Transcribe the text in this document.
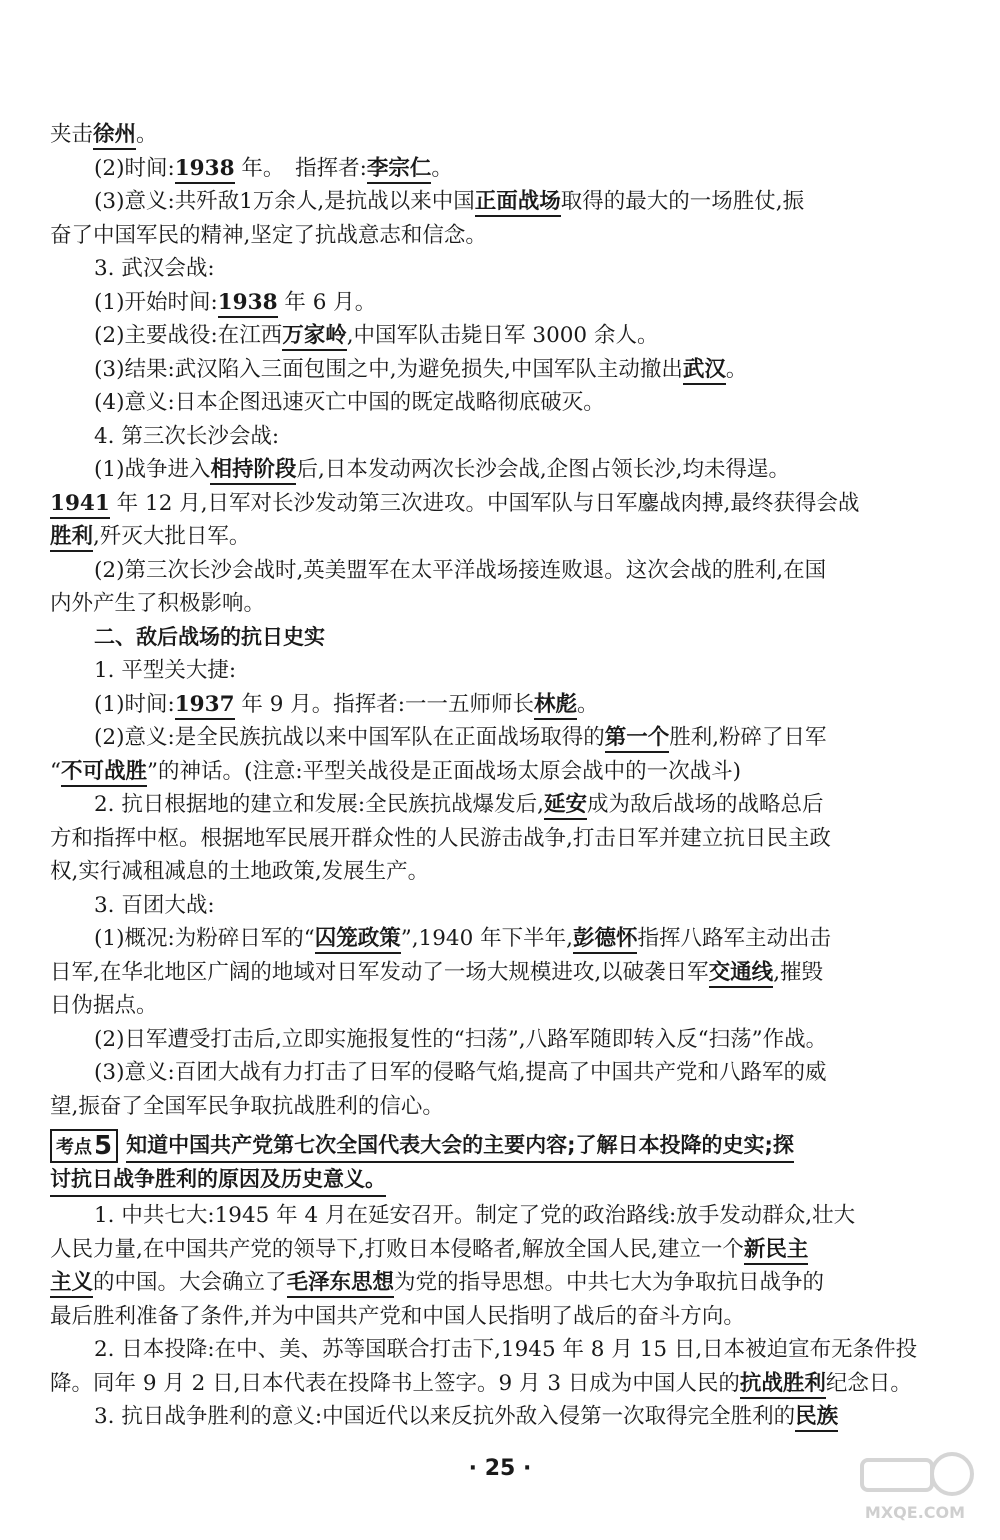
夹击徐州。
(2)时间:1938 年。　指挥者:李宗仁。
(3)意义:共歼敌1万余人,是抗战以来中国正面战场取得的最大的一场胜仗,振
奋了中国军民的精神,坚定了抗战意志和信念。
3. 武汉会战:
(1)开始时间:1938 年 6 月。
(2)主要战役:在江西万家岭,中国军队击毙日军 3000 余人。
(3)结果:武汉陷入三面包围之中,为避免损失,中国军队主动撤出武汉。
(4)意义:日本企图迅速灭亡中国的既定战略彻底破灭。
4. 第三次长沙会战:
(1)战争进入相持阶段后,日本发动两次长沙会战,企图占领长沙,均未得逞。
1941 年 12 月,日军对长沙发动第三次进攻。中国军队与日军鏖战肉搏,最终获得会战
胜利,歼灭大批日军。
(2)第三次长沙会战时,英美盟军在太平洋战场接连败退。这次会战的胜利,在国
内外产生了积极影响。
二、敌后战场的抗日史实
1. 平型关大捷:
(1)时间:1937 年 9 月。指挥者:一一五师师长林彪。
(2)意义:是全民族抗战以来中国军队在正面战场取得的第一个胜利,粉碎了日军
“不可战胜”的神话。(注意:平型关战役是正面战场太原会战中的一次战斗)
2. 抗日根据地的建立和发展:全民族抗战爆发后,延安成为敌后战场的战略总后
方和指挥中枢。根据地军民展开群众性的人民游击战争,打击日军并建立抗日民主政
权,实行减租减息的土地政策,发展生产。
3. 百团大战:
(1)概况:为粉碎日军的“囚笼政策”,1940 年下半年,彭德怀指挥八路军主动出击
日军,在华北地区广阔的地域对日军发动了一场大规模进攻,以破袭日军交通线,摧毁
日伪据点。
(2)日军遭受打击后,立即实施报复性的“扫荡”,八路军随即转入反“扫荡”作战。
(3)意义:百团大战有力打击了日军的侵略气焰,提高了中国共产党和八路军的威
望,振奋了全国军民争取抗战胜利的信心。
考点 5 知道中国共产党第七次全国代表大会的主要内容;了解日本投降的史实;探
讨抗日战争胜利的原因及历史意义。
1. 中共七大:1945 年 4 月在延安召开。制定了党的政治路线:放手发动群众,壮大
人民力量,在中国共产党的领导下,打败日本侵略者,解放全国人民,建立一个新民主
主义的中国。大会确立了毛泽东思想为党的指导思想。中共七大为争取抗日战争的
最后胜利准备了条件,并为中国共产党和中国人民指明了战后的奋斗方向。
2. 日本投降:在中、美、苏等国联合打击下,1945 年 8 月 15 日,日本被迫宣布无条件投
降。同年 9 月 2 日,日本代表在投降书上签字。9 月 3 日成为中国人民的抗战胜利纪念日。
3. 抗日战争胜利的意义:中国近代以来反抗外敌入侵第一次取得完全胜利的民族
· 25 ·
MXQE.COM
